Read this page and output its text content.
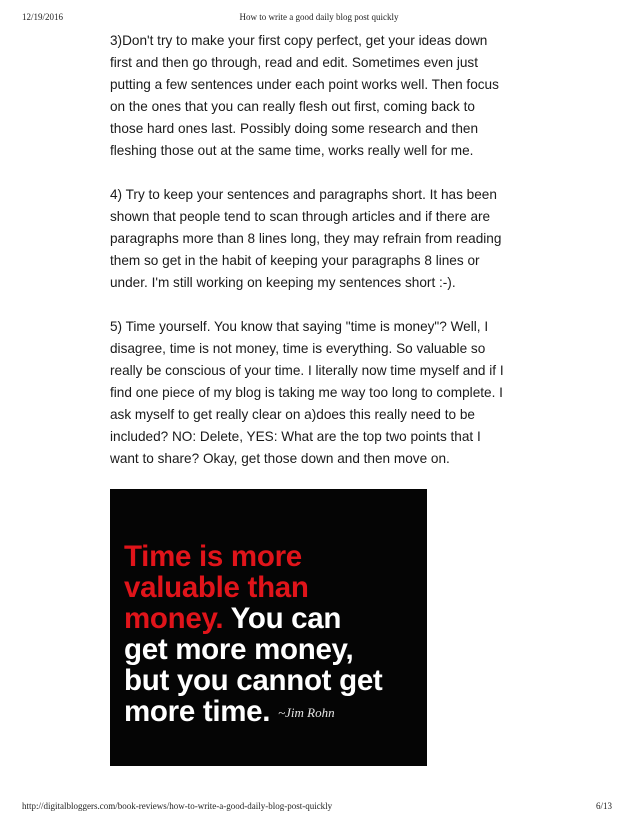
12/19/2016	How to write a good daily blog post quickly
3)Don't try to make your first copy perfect, get your ideas down
first and then go through, read and edit. Sometimes even just
putting a few sentences under each point works well. Then focus
on the ones that you can really flesh out first, coming back to
those hard ones last. Possibly doing some research and then
fleshing those out at the same time, works really well for me.
4) Try to keep your sentences and paragraphs short. It has been
shown that people tend to scan through articles and if there are
paragraphs more than 8 lines long, they may refrain from reading
them so get in the habit of keeping your paragraphs 8 lines or
under. I'm still working on keeping my sentences short :-).
5) Time yourself. You know that saying "time is money"? Well, I
disagree, time is not money, time is everything. So valuable so
really be conscious of your time. I literally now time myself and if I
find one piece of my blog is taking me way too long to complete. I
ask myself to get really clear on a)does this really need to be
included? NO: Delete, YES: What are the top two points that I
want to share? Okay, get those down and then move on.
Time is more
valuable than
money. You can
get more money,
but you cannot get
more time. ~Jim Rohn
http://digitalbloggers.com/book-reviews/how-to-write-a-good-daily-blog-post-quickly	6/13
